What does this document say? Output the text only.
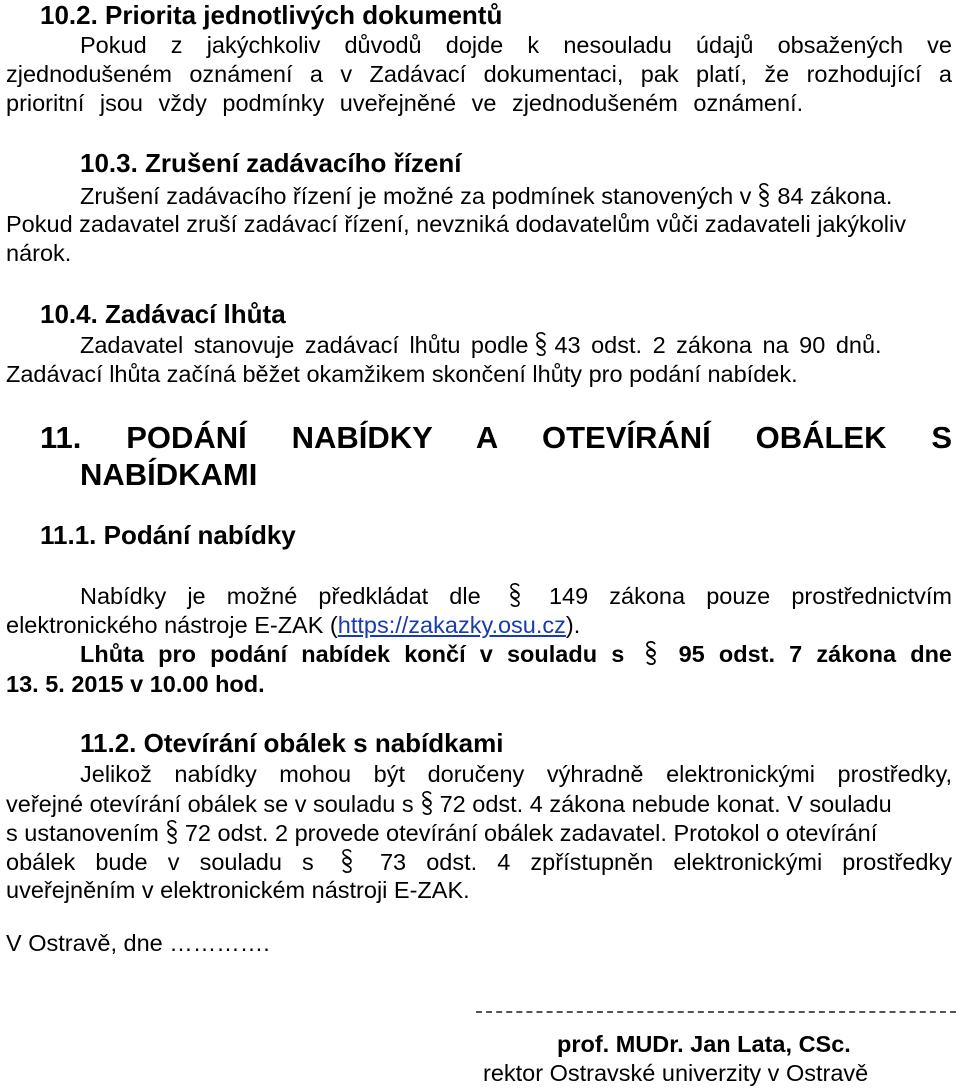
10.2. Priorita jednotlivých dokumentů
Pokud z jakýchkoliv důvodů dojde k nesouladu údajů obsažených ve
zjednodušeném oznámení a v Zadávací dokumentaci, pak platí, že rozhodující a
prioritní jsou vždy podmínky uveřejněné ve zjednodušeném oznámení.
10.3. Zrušení zadávacího řízení
Zrušení zadávacího řízení je možné za podmínek stanovených v 84 zákona.
Pokud zadavatel zruší zadávací řízení, nevzniká dodavatelům vůči zadavateli jakýkoliv
nárok.
10.4. Zadávací lhůta
Zadavatel stanovuje zadávací lhůtu podle 43 odst. 2 zákona na 90 dnů.
Zadávací lhůta začíná běžet okamžikem skončení lhůty pro podání nabídek.
11. PODÁNÍ NABÍDKY A OTEVÍRÁNÍ OBÁLEK S
NABÍDKAMI
11.1. Podání nabídky
Nabídky je možné předkládat dle	149 zákona pouze prostřednictvím
elektronického nástroje E-ZAK (https://zakazky.osu.cz).
Lhůta pro podání nabídek končí v souladu s 95 odst. 7 zákona dne
13. 5. 2015 v 10.00 hod.
11.2. Otevírání obálek s nabídkami
Jelikož nabídky mohou být doručeny výhradně elektronickými prostředky,
veřejné otevírání obálek se v souladu s 72 odst. 4 zákona nebude konat. V souladu
s ustanovením 72 odst. 2 provede otevírání obálek zadavatel. Protokol o otevírání
obálek bude v souladu s	73 odst. 4 zpřístupněn elektronickými prostředky
uveřejněním v elektronickém nástroji E-ZAK.
V Ostravě, dne ………….
prof. MUDr. Jan Lata, CSc.
rektor Ostravské univerzity v Ostravě
